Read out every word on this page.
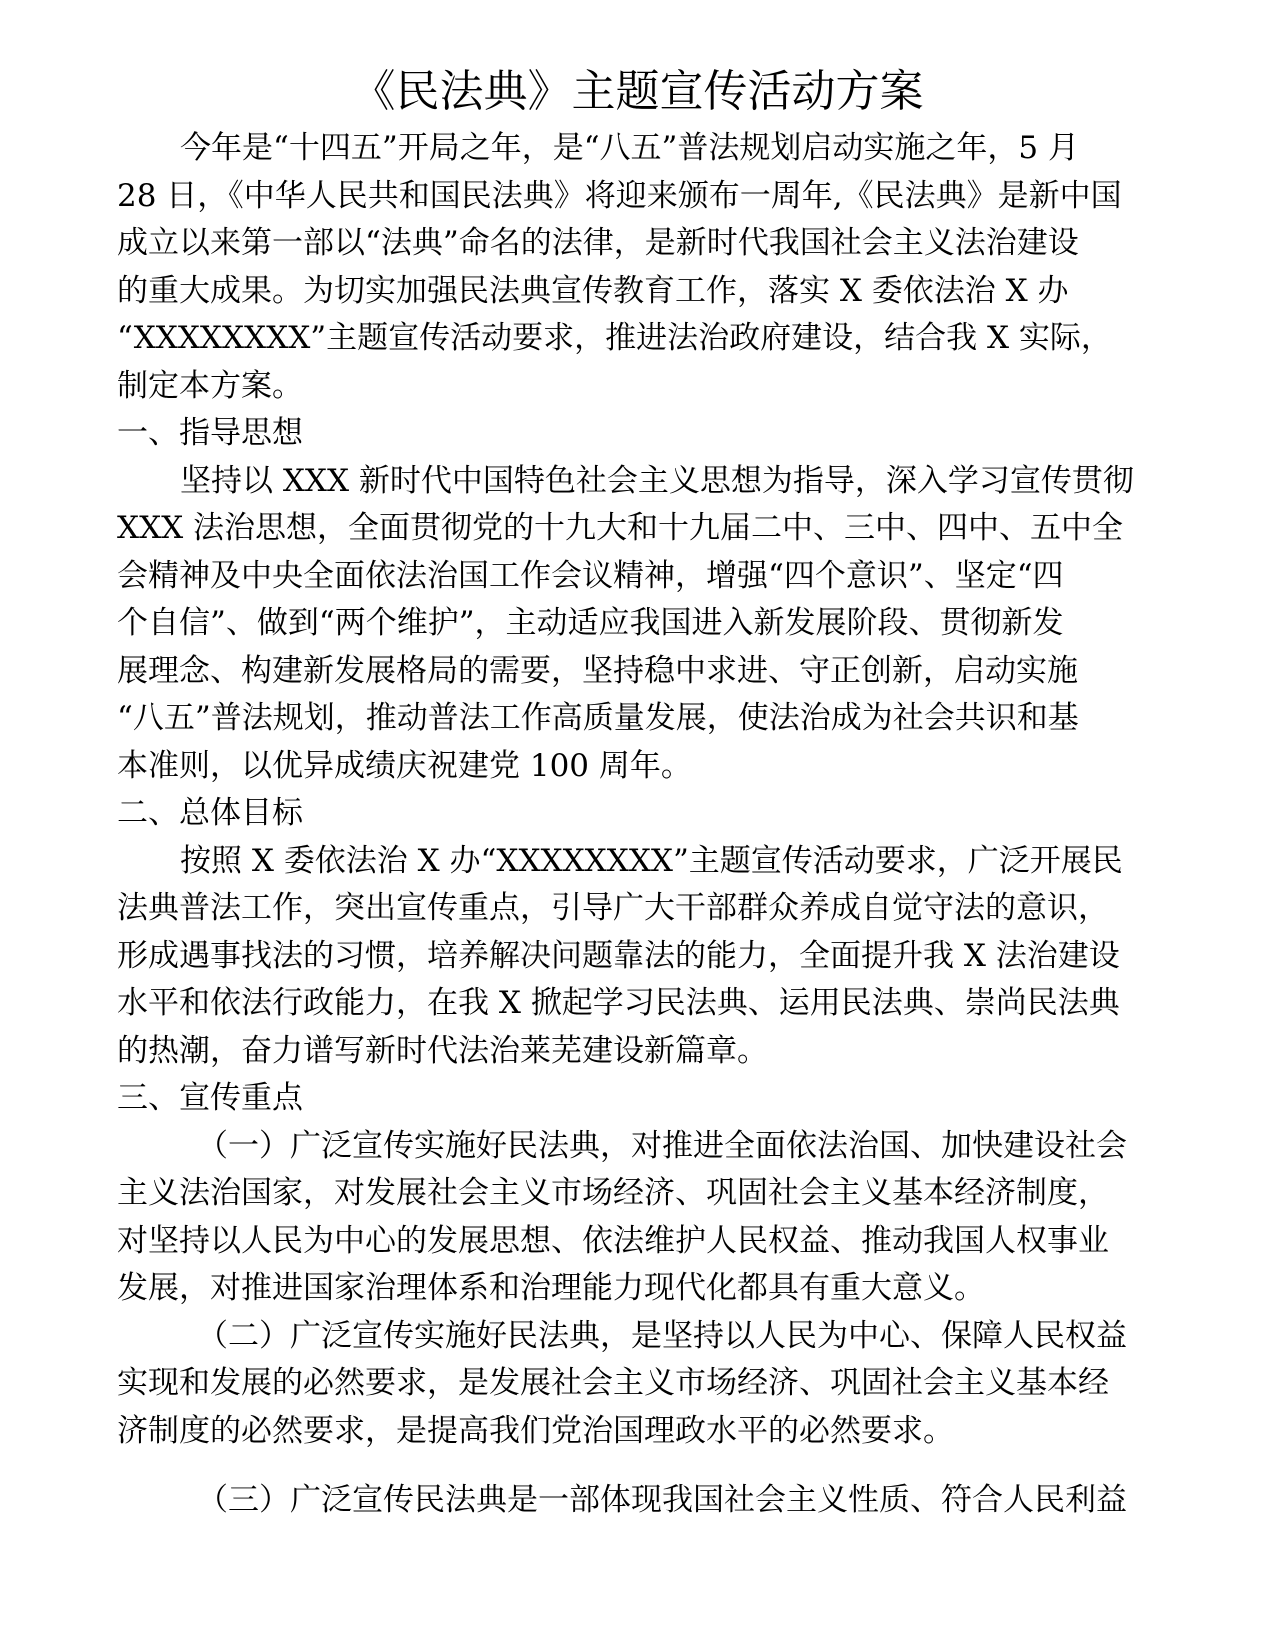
《民法典》主题宣传活动方案
今年是“十四五”开局之年，是“八五”普法规划启动实施之年，5 月
28 日，《中华人民共和国民法典》将迎来颁布一周年,《民法典》是新中国
成立以来第一部以“法典”命名的法律，是新时代我国社会主义法治建设
的重大成果。为切实加强民法典宣传教育工作，落实 X 委依法治 X 办
“XXXXXXXX”主题宣传活动要求，推进法治政府建设，结合我 X 实际，
制定本方案。
一、指导思想
坚持以 XXX 新时代中国特色社会主义思想为指导，深入学习宣传贯彻
XXX 法治思想，全面贯彻党的十九大和十九届二中、三中、四中、五中全
会精神及中央全面依法治国工作会议精神，增强“四个意识”、坚定“四
个自信”、做到“两个维护”，主动适应我国进入新发展阶段、贯彻新发
展理念、构建新发展格局的需要，坚持稳中求进、守正创新，启动实施
“八五”普法规划，推动普法工作高质量发展，使法治成为社会共识和基
本准则，以优异成绩庆祝建党 100 周年。
二、总体目标
按照 X 委依法治 X 办“XXXXXXXX”主题宣传活动要求，广泛开展民
法典普法工作，突出宣传重点，引导广大干部群众养成自觉守法的意识，
形成遇事找法的习惯，培养解决问题靠法的能力，全面提升我 X 法治建设
水平和依法行政能力，在我 X 掀起学习民法典、运用民法典、崇尚民法典
的热潮，奋力谱写新时代法治莱芜建设新篇章。
三、宣传重点
（一）广泛宣传实施好民法典，对推进全面依法治国、加快建设社会
主义法治国家，对发展社会主义市场经济、巩固社会主义基本经济制度，
对坚持以人民为中心的发展思想、依法维护人民权益、推动我国人权事业
发展，对推进国家治理体系和治理能力现代化都具有重大意义。
（二）广泛宣传实施好民法典，是坚持以人民为中心、保障人民权益
实现和发展的必然要求，是发展社会主义市场经济、巩固社会主义基本经
济制度的必然要求，是提高我们党治国理政水平的必然要求。
（三）广泛宣传民法典是一部体现我国社会主义性质、符合人民利益
